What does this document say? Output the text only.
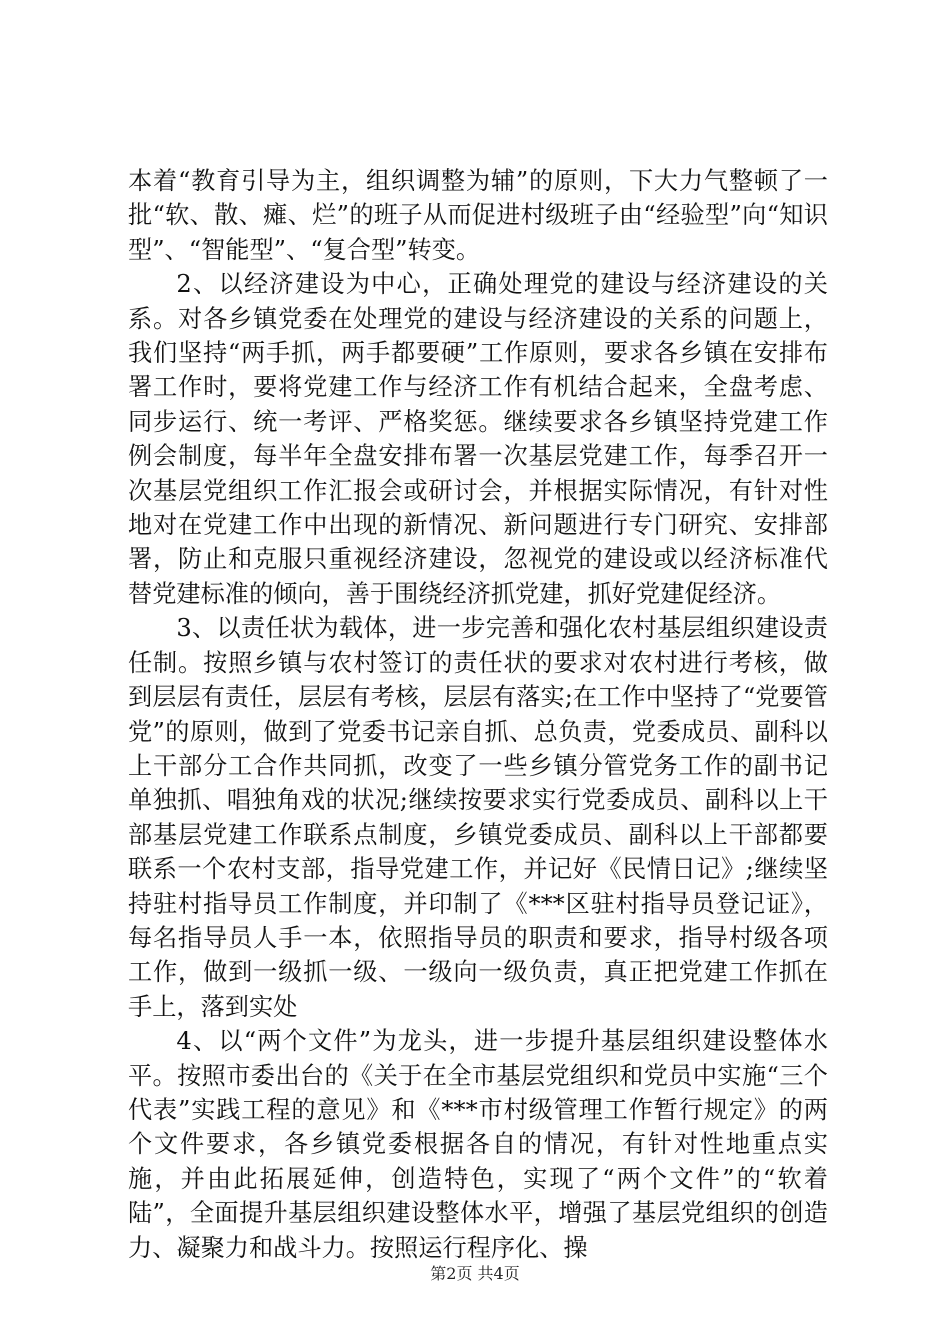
本着“教育引导为主，组织调整为辅”的原则，下大力气整顿了一批“软、散、瘫、烂”的班子从而促进村级班子由“经验型”向“知识型”、“智能型”、“复合型”转变。

2、以经济建设为中心，正确处理党的建设与经济建设的关系。对各乡镇党委在处理党的建设与经济建设的关系的问题上，我们坚持“两手抓，两手都要硬”工作原则，要求各乡镇在安排布署工作时，要将党建工作与经济工作有机结合起来，全盘考虑、同步运行、统一考评、严格奖惩。继续要求各乡镇坚持党建工作例会制度，每半年全盘安排布署一次基层党建工作，每季召开一次基层党组织工作汇报会或研讨会，并根据实际情况，有针对性地对在党建工作中出现的新情况、新问题进行专门研究、安排部署，防止和克服只重视经济建设，忽视党的建设或以经济标准代替党建标准的倾向，善于围绕经济抓党建，抓好党建促经济。

3、以责任状为载体，进一步完善和强化农村基层组织建设责任制。按照乡镇与农村签订的责任状的要求对农村进行考核，做到层层有责任，层层有考核，层层有落实;在工作中坚持了“党要管党”的原则，做到了党委书记亲自抓、总负责，党委成员、副科以上干部分工合作共同抓，改变了一些乡镇分管党务工作的副书记单独抓、唱独角戏的状况;继续按要求实行党委成员、副科以上干部基层党建工作联系点制度，乡镇党委成员、副科以上干部都要联系一个农村支部，指导党建工作，并记好《民情日记》;继续坚持驻村指导员工作制度，并印制了《***区驻村指导员登记证》，每名指导员人手一本，依照指导员的职责和要求，指导村级各项工作，做到一级抓一级、一级向一级负责，真正把党建工作抓在手上，落到实处

4、以“两个文件”为龙头，进一步提升基层组织建设整体水平。按照市委出台的《关于在全市基层党组织和党员中实施“三个代表”实践工程的意见》和《***市村级管理工作暂行规定》的两个文件要求，各乡镇党委根据各自的情况，有针对性地重点实施，并由此拓展延伸，创造特色，实现了“两个文件”的“软着陆”，全面提升基层组织建设整体水平，增强了基层党组织的创造力、凝聚力和战斗力。按照运行程序化、操

第2页 共4页
